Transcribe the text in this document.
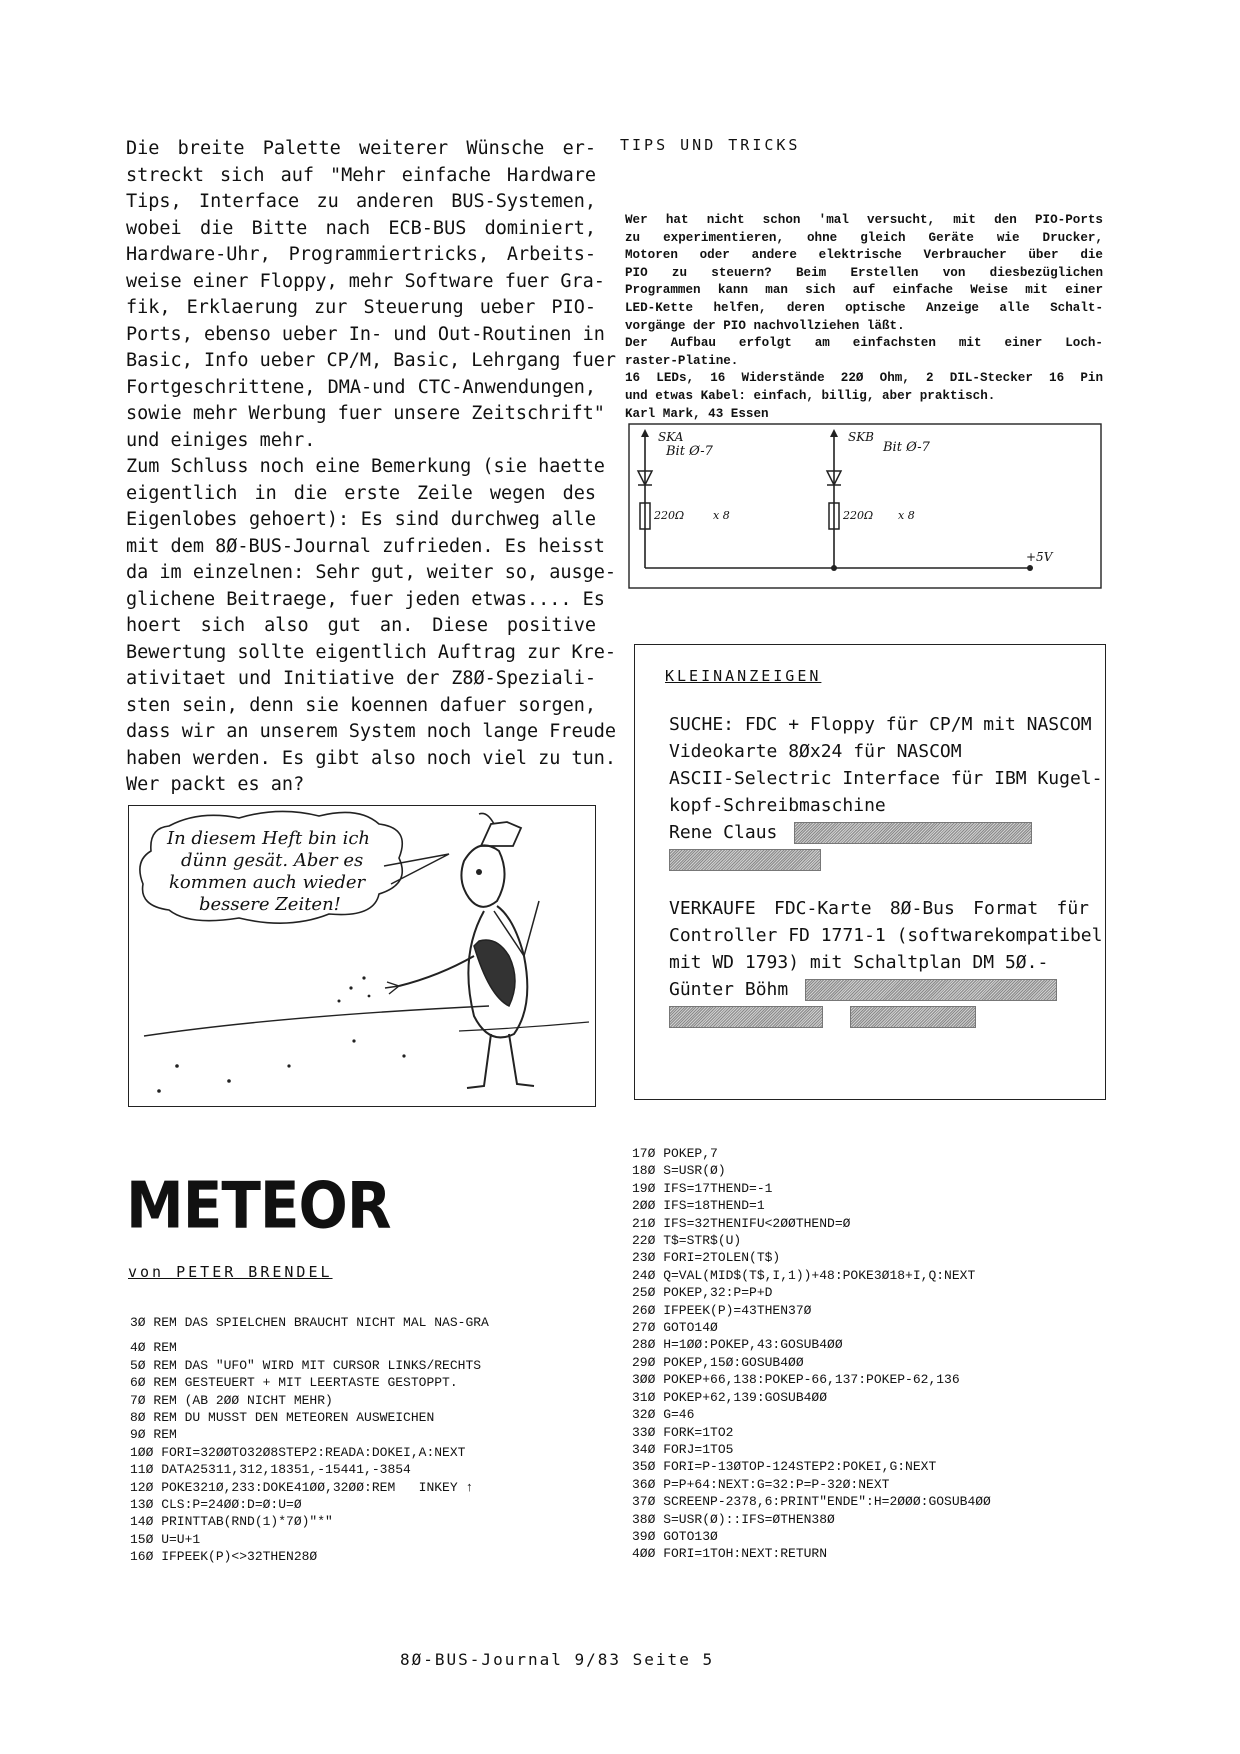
Die breite Palette weiterer Wünsche er-
streckt sich auf "Mehr einfache Hardware
Tips, Interface zu anderen BUS-Systemen,
wobei die Bitte nach ECB-BUS dominiert,
Hardware-Uhr, Programmiertricks, Arbeits-
weise einer Floppy, mehr Software fuer Gra-
fik, Erklaerung zur Steuerung ueber PIO-
Ports, ebenso ueber In- und Out-Routinen in
Basic, Info ueber CP/M, Basic, Lehrgang fuer
Fortgeschrittene, DMA-und CTC-Anwendungen,
sowie mehr Werbung fuer unsere Zeitschrift"
und einiges mehr.
Zum Schluss noch eine Bemerkung (sie haette
eigentlich in die erste Zeile wegen des
Eigenlobes gehoert): Es sind durchweg alle
mit dem 8Ø-BUS-Journal zufrieden. Es heisst
da im einzelnen: Sehr gut, weiter so, ausge-
glichene Beitraege, fuer jeden etwas.... Es
hoert sich also gut an. Diese positive
Bewertung sollte eigentlich Auftrag zur Kre-
ativitaet und Initiative der Z8Ø-Speziali-
sten sein, denn sie koennen dafuer sorgen,
dass wir an unserem System noch lange Freude
haben werden. Es gibt also noch viel zu tun.
Wer packt es an?
In diesem Heft bin ich
dünn gesät. Aber es
kommen auch wieder
bessere Zeiten!
TIPS UND TRICKS
Wer hat nicht schon 'mal versucht, mit den PIO-Ports
zu experimentieren, ohne gleich Geräte wie Drucker,
Motoren oder andere elektrische Verbraucher über die
PIO zu steuern? Beim Erstellen von diesbezüglichen
Programmen kann man sich auf einfache Weise mit einer
LED-Kette helfen, deren optische Anzeige alle Schalt-
vorgänge der PIO nachvollziehen läßt.
Der Aufbau erfolgt am einfachsten mit einer Loch-
raster-Platine.
16 LEDs, 16 Widerstände 22Ø Ohm, 2 DIL-Stecker 16 Pin
und etwas Kabel: einfach, billig, aber praktisch.
Karl Mark, 43 Essen
SKA
Bit Ø-7
SKB
Bit Ø-7
220Ω	220Ω
x 8	x 8
+5V
KLEINANZEIGEN
SUCHE: FDC + Floppy für CP/M mit NASCOM
Videokarte 8Øx24 für NASCOM
ASCII-Selectric Interface für IBM Kugel-
kopf-Schreibmaschine
Rene Claus
VERKAUFE FDC-Karte 8Ø-Bus Format für
Controller FD 1771-1 (softwarekompatibel
mit WD 1793) mit Schaltplan DM 5Ø.-
Günter Böhm

METEOR
von PETER BRENDEL
3Ø REM DAS SPIELCHEN BRAUCHT NICHT MAL NAS-GRA
4Ø REM
5Ø REM DAS "UFO" WIRD MIT CURSOR LINKS/RECHTS
6Ø REM GESTEUERT + MIT LEERTASTE GESTOPPT.
7Ø REM (AB 2ØØ NICHT MEHR)
8Ø REM DU MUSST DEN METEOREN AUSWEICHEN
9Ø REM
1ØØ FORI=32ØØTO32Ø8STEP2:READA:DOKEI,A:NEXT
11Ø DATA25311,312,18351,-15441,-3854
12Ø POKE321Ø,233:DOKE41ØØ,32ØØ:REM   INKEY ↑
13Ø CLS:P=24ØØ:D=Ø:U=Ø
14Ø PRINTTAB(RND(1)*7Ø)"*"
15Ø U=U+1
16Ø IFPEEK(P)<>32THEN28Ø
17Ø POKEP,7
18Ø S=USR(Ø)
19Ø IFS=17THEND=-1
2ØØ IFS=18THEND=1
21Ø IFS=32THENIFU<2ØØTHEND=Ø
22Ø T$=STR$(U)
23Ø FORI=2TOLEN(T$)
24Ø Q=VAL(MID$(T$,I,1))+48:POKE3Ø18+I,Q:NEXT
25Ø POKEP,32:P=P+D
26Ø IFPEEK(P)=43THEN37Ø
27Ø GOTO14Ø
28Ø H=1ØØ:POKEP,43:GOSUB4ØØ
29Ø POKEP,15Ø:GOSUB4ØØ
3ØØ POKEP+66,138:POKEP-66,137:POKEP-62,136
31Ø POKEP+62,139:GOSUB4ØØ
32Ø G=46
33Ø FORK=1TO2
34Ø FORJ=1TO5
35Ø FORI=P-13ØTOP-124STEP2:POKEI,G:NEXT
36Ø P=P+64:NEXT:G=32:P=P-32Ø:NEXT
37Ø SCREENP-2378,6:PRINT"ENDE":H=2ØØØ:GOSUB4ØØ
38Ø S=USR(Ø)::IFS=ØTHEN38Ø
39Ø GOTO13Ø
4ØØ FORI=1TOH:NEXT:RETURN
8Ø-BUS-Journal 9/83 Seite 5
